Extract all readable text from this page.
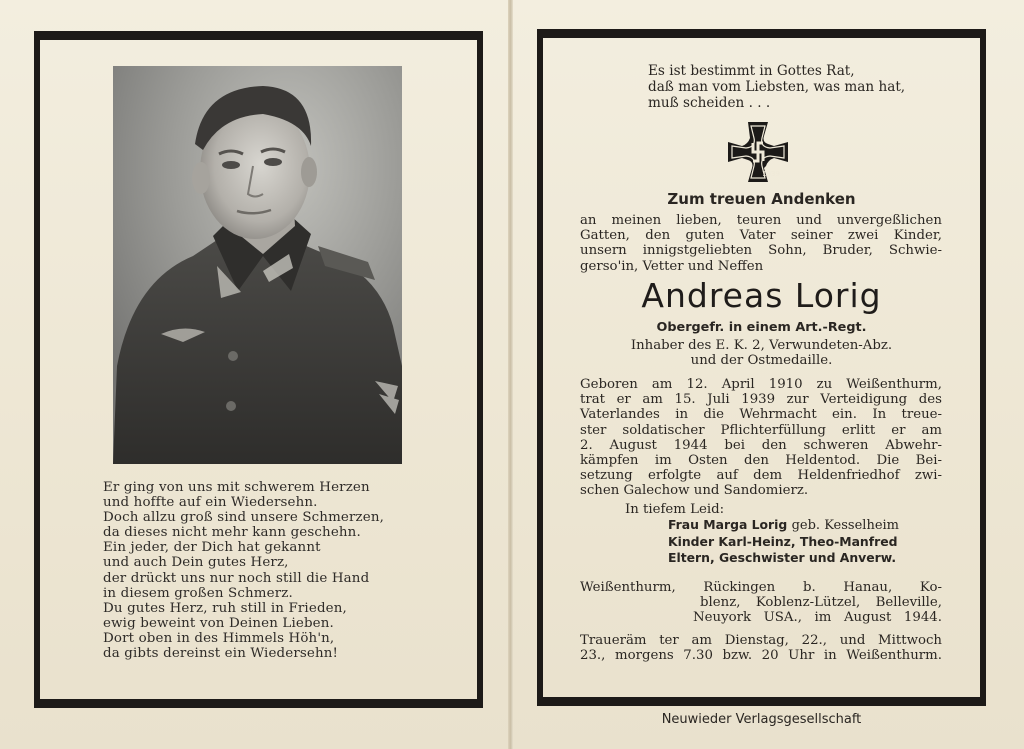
Er ging von uns mit schwerem Herzen
und hoffte auf ein Wiedersehn.
Doch allzu groß sind unsere Schmerzen,
da dieses nicht mehr kann geschehn.
Ein jeder, der Dich hat gekannt
und auch Dein gutes Herz,
der drückt uns nur noch still die Hand
in diesem großen Schmerz.
Du gutes Herz, ruh still in Frieden,
ewig beweint von Deinen Lieben.
Dort oben in des Himmels Höh'n,
da gibts dereinst ein Wiedersehn!
Es ist bestimmt in Gottes Rat,
daß man vom Liebsten, was man hat,
muß scheiden . . .
1939
Zum treuen Andenken
an meinen lieben, teuren und unvergeßlichen
Gatten, den guten Vater seiner zwei Kinder,
unsern innigstgeliebten Sohn, Bruder, Schwie-
gerso'in, Vetter und Neffen
Andreas Lorig
Obergefr. in einem Art.-Regt.
Inhaber des E. K. 2, Verwundeten-Abz.
und der Ostmedaille.
Geboren am 12. April 1910 zu Weißenthurm,
trat er am 15. Juli 1939 zur Verteidigung des
Vaterlandes in die Wehrmacht ein. In treue-
ster soldatischer Pflichterfüllung erlitt er am
2. August 1944 bei den schweren Abwehr-
kämpfen im Osten den Heldentod. Die Bei-
setzung erfolgte auf dem Heldenfriedhof zwi-
schen Galechow und Sandomierz.
In tiefem Leid:
Frau Marga Lorig geb. Kesselheim
Kinder Karl-Heinz, Theo-Manfred
Eltern, Geschwister und Anverw.
Weißenthurm, Rückingen b. Hanau, Ko-
blenz, Koblenz-Lützel, Belleville,
Neuyork USA., im August 1944.
Traueräm ter am Dienstag, 22., und Mittwoch
23., morgens 7.30 bzw. 20 Uhr in Weißenthurm.
Neuwieder Verlagsgesellschaft
